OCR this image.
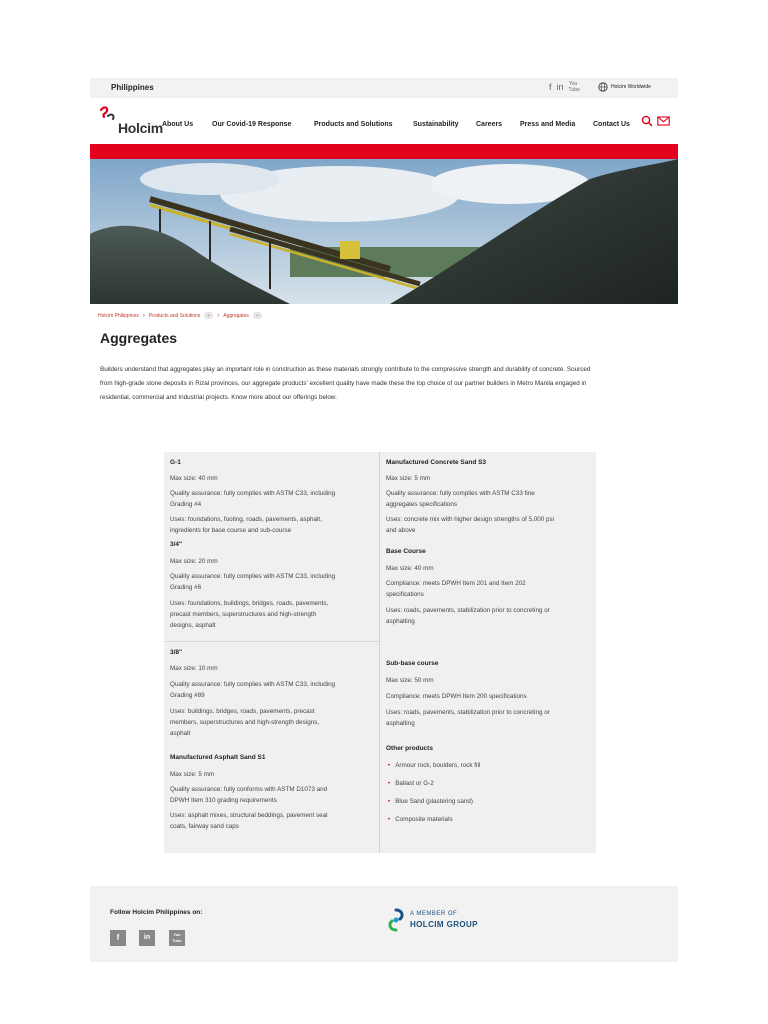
Philippines	f in You Tube	Holcim Worldwide
Holcim About Us	Our Covid-19 Response	Products and Solutions	Sustainability Careers	Press and Media	Contact Us
Holcim Philippines › Products and Solutions	⌄	› Aggregates	⌄
Aggregates
Builders understand that aggregates play an important role in construction as these materials strongly contribute to the compressive strength and durability of concrete. Sourced
from high-grade stone deposits in Rizal provinces, our aggregate products' excellent quality have made these the top choice of our partner builders in Metro Manila engaged in
residential, commercial and Industrial projects. Know more about our offerings below.
G-1
Max size: 40 mm
Quality assurance: fully complies with ASTM C33, including
Grading #4
Uses: foundations, footing, roads, pavements, asphalt,
ingredients for base course and sub-course
3/4"
Max size: 20 mm
Quality assurance: fully complies with ASTM C33, including
Grading #6
Uses: foundations, buildings, bridges, roads, pavements,
precast members, superstructures and high-strength
designs, asphalt
3/8"
Max size: 10 mm
Quality assurance: fully complies with ASTM C33, including
Grading #89
Uses: buildings, bridges, roads, pavements, precast
members, superstructures and high-strength designs,
asphalt
Manufactured Asphalt Sand S1
Max size: 5 mm
Quality assurance: fully conforms with ASTM D1073 and
DPWH Item 310 grading requirements
Uses: asphalt mixes, structural beddings, pavement seal
coats, fairway sand caps
Manufactured Concrete Sand S3
Max size: 5 mm
Quality assurance: fully complies with ASTM C33 fine
aggregates specifications
Uses: concrete mix with higher design strengths of 5,000 psi
and above
Base Course
Max size: 40 mm
Compliance: meets DPWH Item 201 and Item 202
specifications
Uses: roads, pavements, stabilization prior to concreting or
asphalting
Sub-base course
Max size: 50 mm
Compliance: meets DPWH Item 200 specifications
Uses: roads, pavements, stabilization prior to concreting or
asphalting
Other products
• Armour rock, boulders, rock fill
• Ballast or G-2
• Blue Sand (plastering sand)
• Composite materials
Follow Holcim Philippines on:
f	in	You Tube
A MEMBER OF
HOLCIM GROUP
